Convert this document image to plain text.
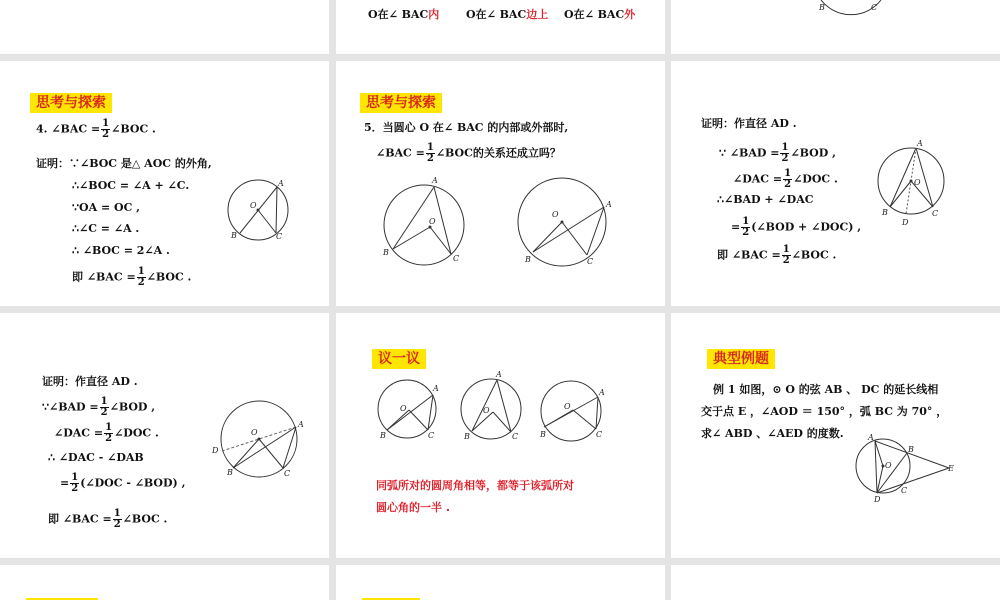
O在∠ BAC内 O在∠ BAC边上 O在∠ BAC外
B	C
思考与探索
4. ∠BAC = $\frac{1}{2}$ ∠BOC .
证明：∵∠BOC 是△ AOC 的外角,
∴∠BOC = ∠A + ∠C.
∵OA = OC ,
∴∠C = ∠A .
∴ ∠BOC = 2∠A .
即 ∠BAC = $\frac{1}{2}$ ∠BOC .
A
O
B	C
思考与探索
5．当圆心 O 在∠ BAC 的内部或外部时,
∠BAC = $\frac{1}{2}$ ∠BOC的关系还成立吗？
A
O
B
C
O
A
B	C
证明：作直径 AD .
∵ ∠BAD = $\frac{1}{2}$ ∠BOD ,
∠DAC = $\frac{1}{2}$ ∠DOC .
∴∠BAD + ∠DAC
= $\frac{1}{2}$ (∠BOD + ∠DOC) ,
即 ∠BAC = $\frac{1}{2}$ ∠BOC .
A
O
B
D
C
证明：作直径 AD .
∵∠BAD = $\frac{1}{2}$ ∠BOD ,
∠DAC = $\frac{1}{2}$ ∠DOC .
∴ ∠DAC - ∠DAB
= $\frac{1}{2}$ (∠DOC - ∠BOD) ,
即 ∠BAC = $\frac{1}{2}$ ∠BOC .
O
A
D
B	C
议一议
A
O
B	C
A
O
B	C
A
O
B	C
同弧所对的圆周角相等，都等于该弧所对
圆心角的一半 .
典型例题
例 1 如图，⊙ O 的弦 AB 、 DC 的延长线相
交于点 E ，∠AOD ＝ 150° ，弧 BC 为 70° ，
求∠ ABD 、∠AED 的度数.	A
B
O	E
D
C
